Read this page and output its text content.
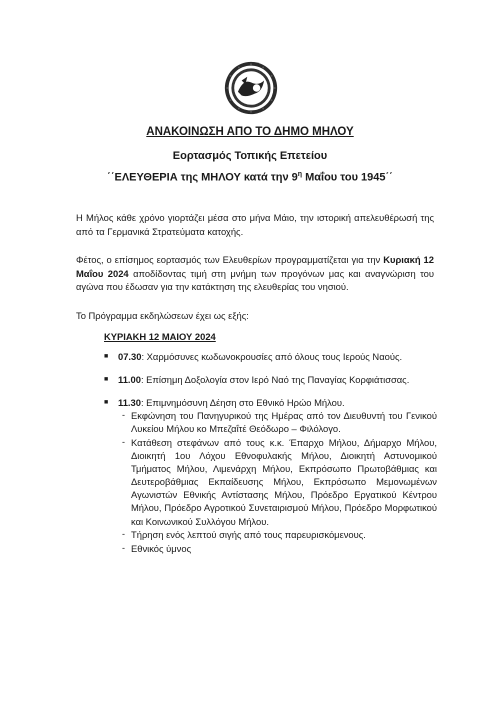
ΑΝΑΚΟΙΝΩΣΗ ΑΠΟ ΤΟ ΔΗΜΟ ΜΗΛΟΥ
Εορτασμός Τοπικής Επετείου
΄΄ΕΛΕΥΘΕΡΙΑ της ΜΗΛΟΥ κατά την $9^\eta$ Μαΐου του 1945΄΄
Η Μήλος κάθε χρόνο γιορτάζει μέσα στο μήνα Μάιο, την ιστορική απελευθέρωσή της από τα Γερμανικά Στρατεύματα κατοχής.
Φέτος, ο επίσημος εορτασμός των Ελευθερίων προγραμματίζεται για την Κυριακή 12 Μαΐου 2024 αποδίδοντας τιμή στη μνήμη των προγόνων μας και αναγνώριση του αγώνα που έδωσαν για την κατάκτηση της ελευθερίας του νησιού.
Το Πρόγραμμα εκδηλώσεων έχει ως εξής:
ΚΥΡΙΑΚΗ 12 ΜΑΙΟΥ 2024
■	07.30: Χαρμόσυνες κωδωνοκρουσίες από όλους τους Ιερούς Ναούς.
■	11.00: Επίσημη Δοξολογία στον Ιερό Ναό της Παναγίας Κορφιάτισσας.
■	11.30: Επιμνημόσυνη Δέηση στο Εθνικό Ηρώο Μήλου.
- Εκφώνηση του Πανηγυρικού της Ημέρας από τον Διευθυντή του Γενικού Λυκείου Μήλου κο Μπεζαΐτέ Θεόδωρο – Φιλόλογο.
- Κατάθεση στεφάνων από τους κ.κ. Έπαρχο Μήλου, Δήμαρχο Μήλου, Διοικητή 1ου Λόχου Εθνοφυλακής Μήλου, Διοικητή Αστυνομικού Τμήματος Μήλου, Λιμενάρχη Μήλου, Εκπρόσωπο Πρωτοβάθμιας και Δευτεροβάθμιας Εκπαίδευσης Μήλου, Εκπρόσωπο Μεμονωμένων Αγωνιστών Εθνικής Αντίστασης Μήλου, Πρόεδρο Εργατικού Κέντρου Μήλου, Πρόεδρο Αγροτικού Συνεταιρισμού Μήλου, Πρόεδρο Μορφωτικού και Κοινωνικού Συλλόγου Μήλου.
- Τήρηση ενός λεπτού σιγής από τους παρευρισκόμενους.
- Εθνικός ύμνος
